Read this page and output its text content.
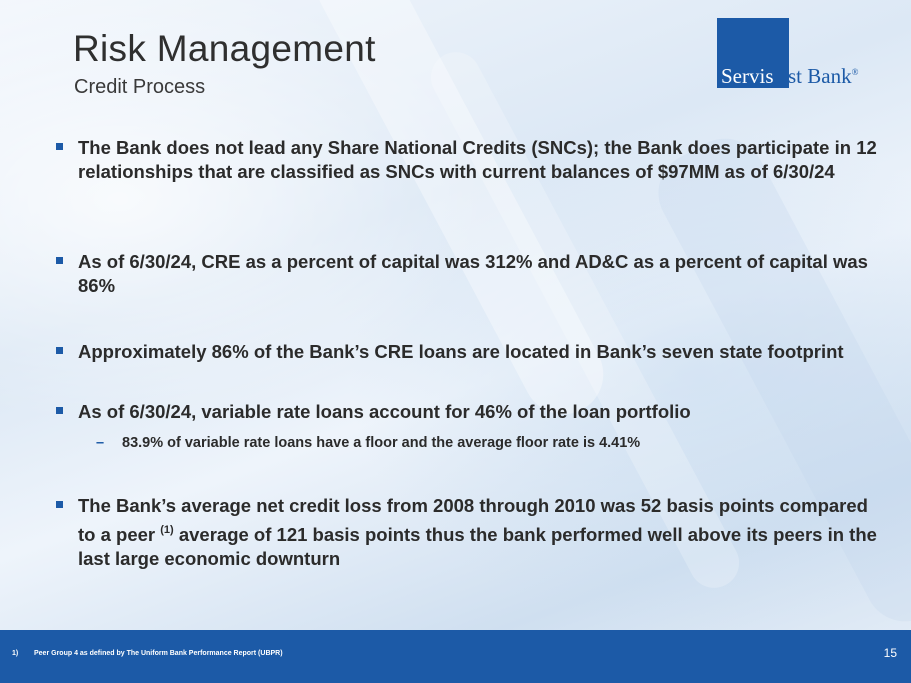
Risk Management
Credit Process	Servis 1st Bank®
The Bank does not lead any Share National Credits (SNCs); the Bank does participate in 12 relationships that are classified as SNCs with current balances of $97MM as of 6/30/24
As of 6/30/24, CRE as a percent of capital was 312% and AD&C as a percent of capital was 86%
Approximately 86% of the Bank’s CRE loans are located in Bank’s seven state footprint
As of 6/30/24, variable rate loans account for 46% of the loan portfolio
– 83.9% of variable rate loans have a floor and the average floor rate is 4.41%
The Bank’s average net credit loss from 2008 through 2010 was 52 basis points compared to a peer $^{(1)}$ average of 121 basis points thus the bank performed well above its peers in the last large economic downturn
1) Peer Group 4 as defined by The Uniform Bank Performance Report (UBPR)	15
